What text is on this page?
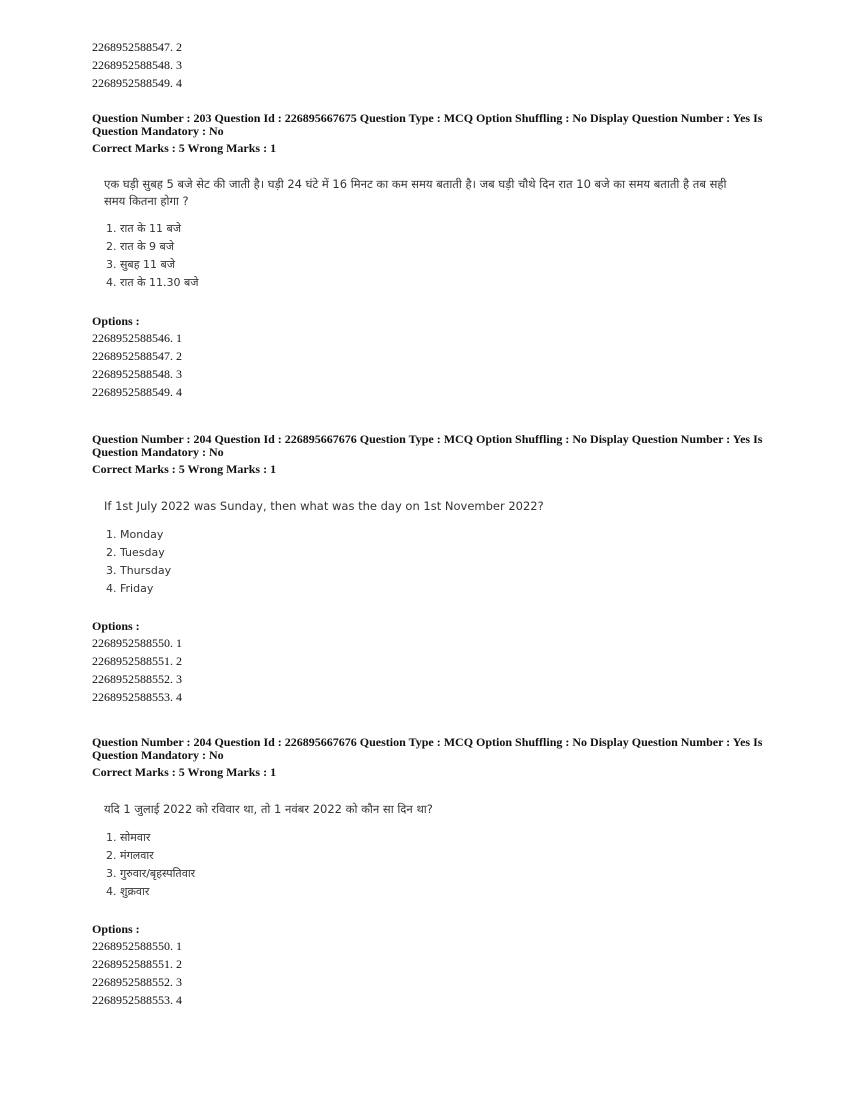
2268952588547. 2
2268952588548. 3
2268952588549. 4
Question Number : 203 Question Id : 226895667675 Question Type : MCQ Option Shuffling : No Display Question Number : Yes Is Question Mandatory : No
Correct Marks : 5 Wrong Marks : 1
एक घड़ी सुबह 5 बजे सेट की जाती है। घड़ी 24 घंटे में 16 मिनट का कम समय बताती है। जब घड़ी चौथे दिन रात 10 बजे का समय बताती है तब सही समय कितना होगा ?
1. रात के 11 बजे
2. रात के 9 बजे
3. सुबह 11 बजे
4. रात के 11.30 बजे
Options :
2268952588546. 1
2268952588547. 2
2268952588548. 3
2268952588549. 4
Question Number : 204 Question Id : 226895667676 Question Type : MCQ Option Shuffling : No Display Question Number : Yes Is Question Mandatory : No
Correct Marks : 5 Wrong Marks : 1
If 1st July 2022 was Sunday, then what was the day on 1st November 2022?
1. Monday
2. Tuesday
3. Thursday
4. Friday
Options :
2268952588550. 1
2268952588551. 2
2268952588552. 3
2268952588553. 4
Question Number : 204 Question Id : 226895667676 Question Type : MCQ Option Shuffling : No Display Question Number : Yes Is Question Mandatory : No
Correct Marks : 5 Wrong Marks : 1
यदि 1 जुलाई 2022 को रविवार था, तो 1 नवंबर 2022 को कौन सा दिन था?
1. सोमवार
2. मंगलवार
3. गुरुवार/बृहस्पतिवार
4. शुक्रवार
Options :
2268952588550. 1
2268952588551. 2
2268952588552. 3
2268952588553. 4
